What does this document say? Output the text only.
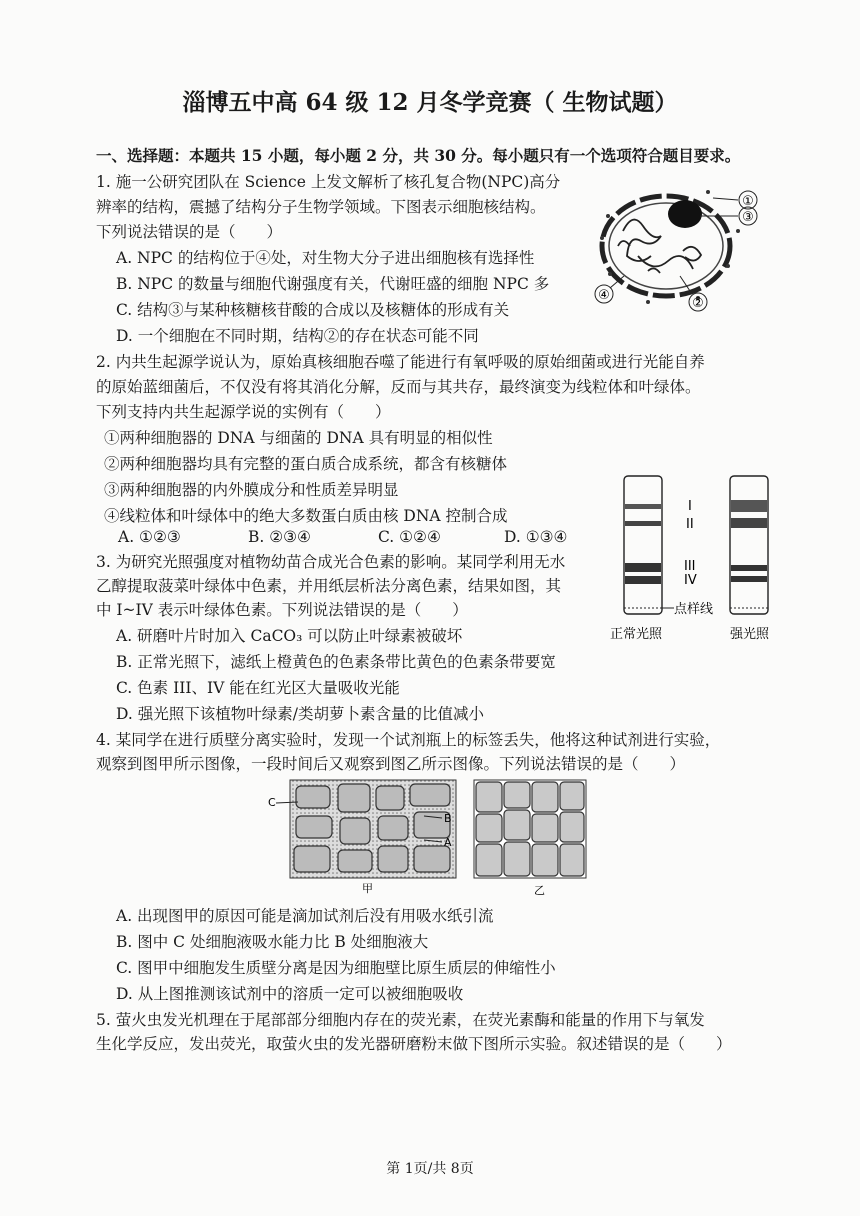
淄博五中高 64 级 12 月冬学竞赛（ 生物试题）
一、选择题：本题共 15 小题，每小题 2 分，共 30 分。每小题只有一个选项符合题目要求。
1. 施一公研究团队在 Science 上发文解析了核孔复合物(NPC)高分
辨率的结构，震撼了结构分子生物学领域。下图表示细胞核结构。
下列说法错误的是（　　）
A. NPC 的结构位于④处，对生物大分子进出细胞核有选择性
B. NPC 的数量与细胞代谢强度有关，代谢旺盛的细胞 NPC 多
C. 结构③与某种核糖核苷酸的合成以及核糖体的形成有关
D. 一个细胞在不同时期，结构②的存在状态可能不同
①
③
④
②
2. 内共生起源学说认为，原始真核细胞吞噬了能进行有氧呼吸的原始细菌或进行光能自养
的原始蓝细菌后，不仅没有将其消化分解，反而与其共存，最终演变为线粒体和叶绿体。
下列支持内共生起源学说的实例有（　　）
①两种细胞器的 DNA 与细菌的 DNA 具有明显的相似性
②两种细胞器均具有完整的蛋白质合成系统，都含有核糖体
③两种细胞器的内外膜成分和性质差异明显
④线粒体和叶绿体中的绝大多数蛋白质由核 DNA 控制合成
A. ①②③	B. ②③④	C. ①②④	D. ①③④
I
II
III
IV
点样线
正常光照	强光照
3. 为研究光照强度对植物幼苗合成光合色素的影响。某同学利用无水
乙醇提取菠菜叶绿体中色素，并用纸层析法分离色素，结果如图，其
中 I~IV 表示叶绿体色素。下列说法错误的是（　　）
A. 研磨叶片时加入 CaCO₃ 可以防止叶绿素被破坏
B. 正常光照下，滤纸上橙黄色的色素条带比黄色的色素条带要宽
C. 色素 III、IV 能在红光区大量吸收光能
D. 强光照下该植物叶绿素/类胡萝卜素含量的比值减小
4. 某同学在进行质壁分离实验时，发现一个试剂瓶上的标签丢失，他将这种试剂进行实验，
观察到图甲所示图像，一段时间后又观察到图乙所示图像。下列说法错误的是（　　）
C
B
A
甲	乙
A. 出现图甲的原因可能是滴加试剂后没有用吸水纸引流
B. 图中 C 处细胞液吸水能力比 B 处细胞液大
C. 图甲中细胞发生质壁分离是因为细胞壁比原生质层的伸缩性小
D. 从上图推测该试剂中的溶质一定可以被细胞吸收
5. 萤火虫发光机理在于尾部部分细胞内存在的荧光素，在荧光素酶和能量的作用下与氧发
生化学反应，发出荧光，取萤火虫的发光器研磨粉末做下图所示实验。叙述错误的是（　　）
第 1页/共 8页
